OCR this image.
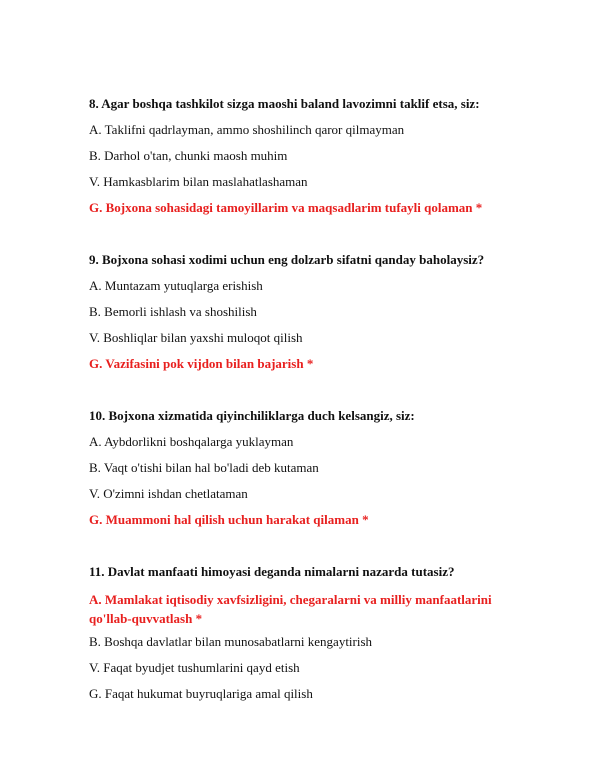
8. Agar boshqa tashkilot sizga maoshi baland lavozimni taklif etsa, siz:

A. Taklifni qadrlayman, ammo shoshilinch qaror qilmayman

B. Darhol o'tan, chunki maosh muhim

V. Hamkasblarim bilan maslahatlashaman

G. Bojxona sohasidagi tamoyillarim va maqsadlarim tufayli qolaman *

9. Bojxona sohasi xodimi uchun eng dolzarb sifatni qanday baholaysiz?

A. Muntazam yutuqlarga erishish

B. Bemorli ishlash va shoshilish

V. Boshliqlar bilan yaxshi muloqot qilish

G. Vazifasini pok vijdon bilan bajarish *

10. Bojxona xizmatida qiyinchiliklarga duch kelsangiz, siz:

A. Aybdorlikni boshqalarga yuklayman

B. Vaqt o'tishi bilan hal bo'ladi deb kutaman

V. O'zimni ishdan chetlataman

G. Muammoni hal qilish uchun harakat qilaman *

11. Davlat manfaati himoyasi deganda nimalarni nazarda tutasiz?

A. Mamlakat iqtisodiy xavfsizligini, chegaralarni va milliy manfaatlarini qo'llab-quvvatlash *

B. Boshqa davlatlar bilan munosabatlarni kengaytirish

V. Faqat byudjet tushumlarini qayd etish

G. Faqat hukumat buyruqlariga amal qilish
